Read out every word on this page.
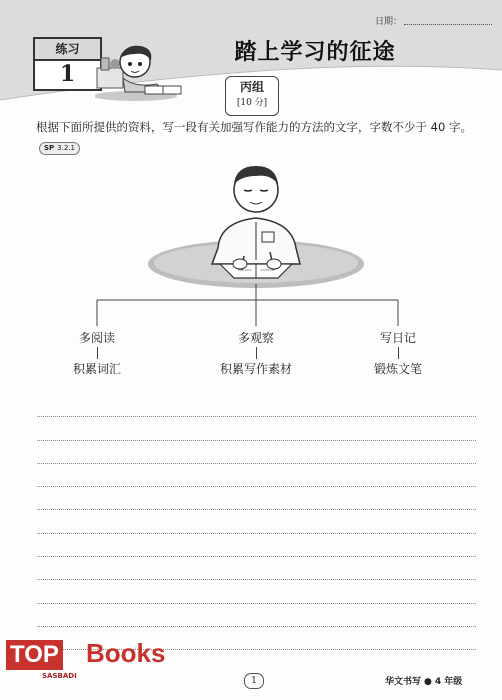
日期：
练习
1
踏上学习的征途
丙组
[10 分]
根据下面所提供的资料，写一段有关加强写作能力的方法的文字，字数不少于 40 字。 SP 3.2.1
多阅读
积累词汇
多观察
积累写作素材
写日记
锻炼文笔
TOP Books
SASBADI	1	华文书写 ● 4 年级
